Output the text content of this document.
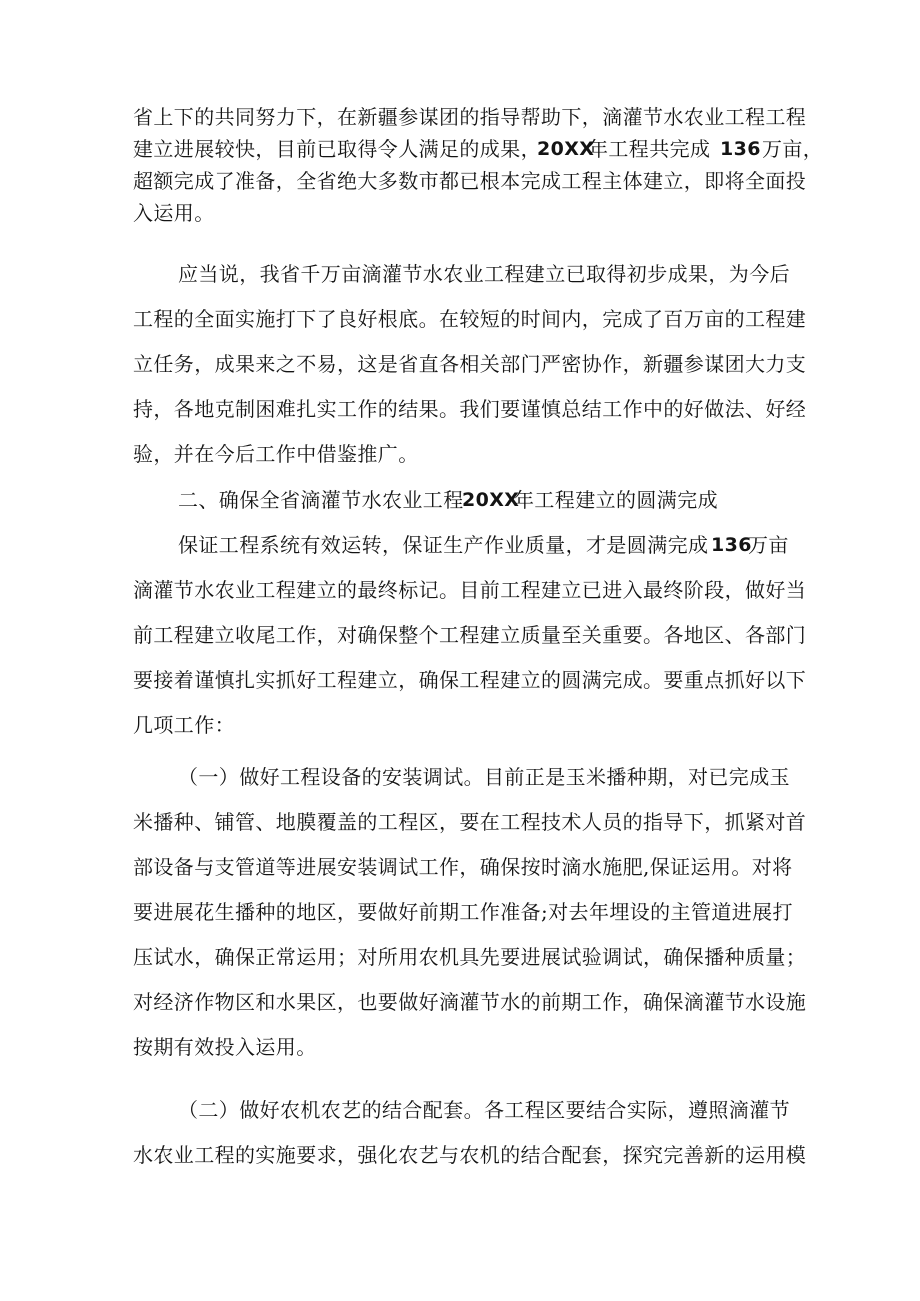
省上下的共同努力下，在新疆参谋团的指导帮助下，滴灌节水农业工程工程
建立进展较快，目前已取得令人满足的成果，
20XX
年工程共完成 136 万亩，
超额完成了准备，全省绝大多数市都已根本完成工程主体建立，即将全面投
入运用。
应当说，我省千万亩滴灌节水农业工程建立已取得初步成果，为今后
工程的全面实施打下了良好根底。在较短的时间内，完成了百万亩的工程建
立任务，成果来之不易，这是省直各相关部门严密协作，新疆参谋团大力支
持，各地克制困难扎实工作的结果。我们要谨慎总结工作中的好做法、好经
验，并在今后工作中借鉴推广。
二、确保全省滴灌节水农业工程
20XX
年工程建立的圆满完成
保证工程系统有效运转，保证生产作业质量，才是圆满完成 136
万亩
滴灌节水农业工程建立的最终标记。目前工程建立已进入最终阶段，做好当
前工程建立收尾工作，对确保整个工程建立质量至关重要。各地区、各部门
要接着谨慎扎实抓好工程建立，确保工程建立的圆满完成。要重点抓好以下
几项工作：
（一）做好工程设备的安装调试。目前正是玉米播种期，对已完成玉
米播种、铺管、地膜覆盖的工程区，要在工程技术人员的指导下，抓紧对首
部设备与支管道等进展安装调试工作，确保按时滴水施肥,保证运用。对将
要进展花生播种的地区，要做好前期工作准备;对去年埋设的主管道进展打
压试水，确保正常运用；对所用农机具先要进展试验调试，确保播种质量；
对经济作物区和水果区，也要做好滴灌节水的前期工作，确保滴灌节水设施
按期有效投入运用。
（二）做好农机农艺的结合配套。各工程区要结合实际，遵照滴灌节
水农业工程的实施要求，强化农艺与农机的结合配套，探究完善新的运用模
